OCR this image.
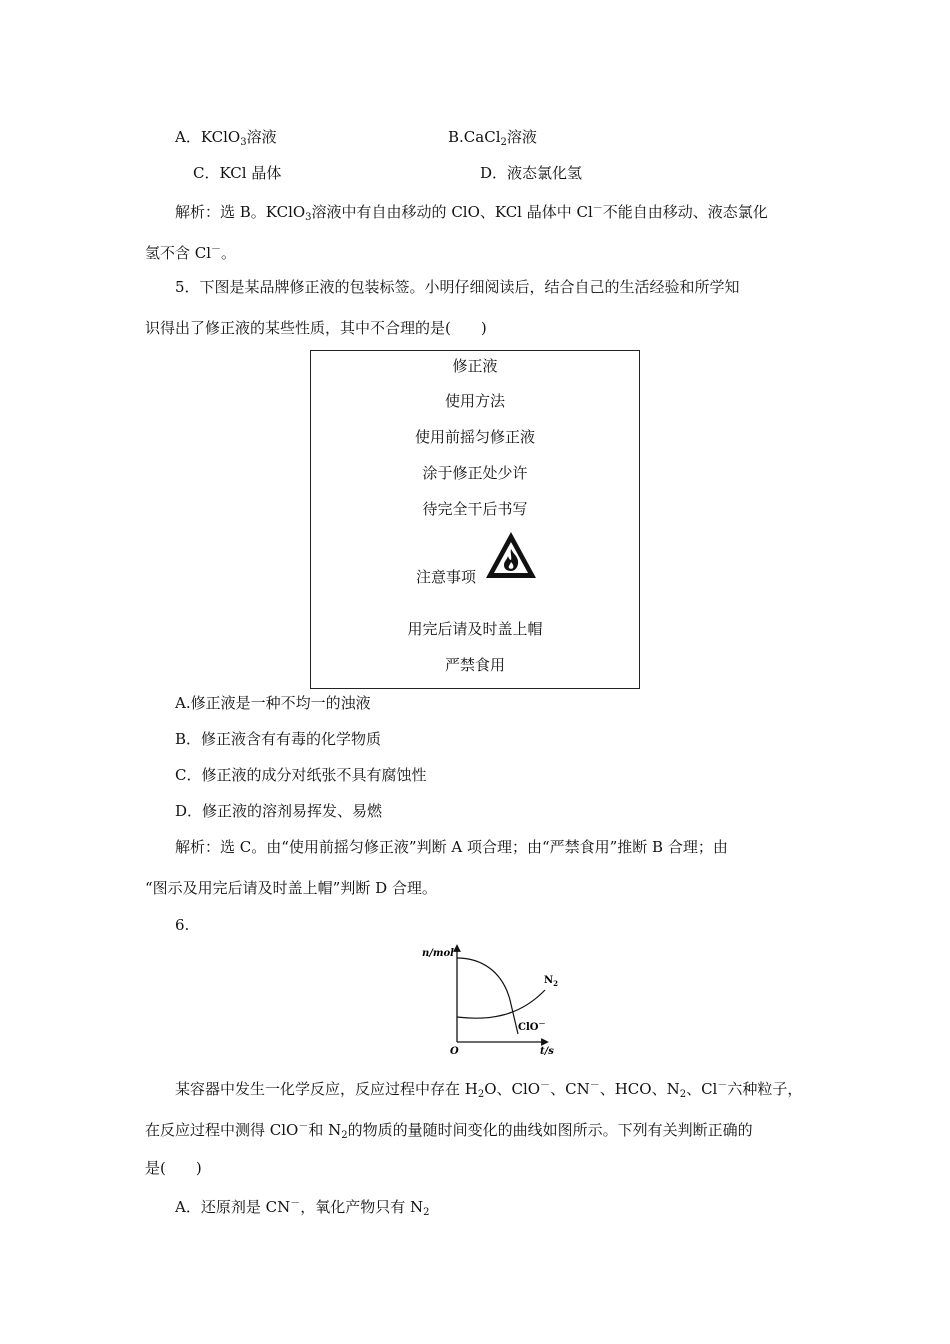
A．KClO$_3$溶液	B.CaCl$_2$溶液
C．KCl 晶体	D．液态氯化氢
解析：选 B。KClO$_3$溶液中有自由移动的 ClO、KCl 晶体中 Cl－不能自由移动、液态氯化
氢不含 Cl－。
5．下图是某品牌修正液的包装标签。小明仔细阅读后，结合自己的生活经验和所学知
识得出了修正液的某些性质，其中不合理的是(　　)
修正液
使用方法
使用前摇匀修正液
涂于修正处少许
待完全干后书写
注意事项
用完后请及时盖上帽
严禁食用
A.修正液是一种不均一的浊液
B．修正液含有有毒的化学物质
C．修正液的成分对纸张不具有腐蚀性
D．修正液的溶剂易挥发、易燃
解析：选 C。由“使用前摇匀修正液”判断 A 项合理；由“严禁食用”推断 B 合理；由
“图示及用完后请及时盖上帽”判断 D 合理。
6.
n/mol
t/s
O
$N_2$
ClO－
某容器中发生一化学反应，反应过程中存在 $H_2O$、ClO－、CN－、HCO、$N_2$、Cl－六种粒子，
在反应过程中测得 ClO－和 $N_2$的物质的量随时间变化的曲线如图所示。下列有关判断正确的
是(　　)
A．还原剂是 CN－，氧化产物只有 $N_2$
